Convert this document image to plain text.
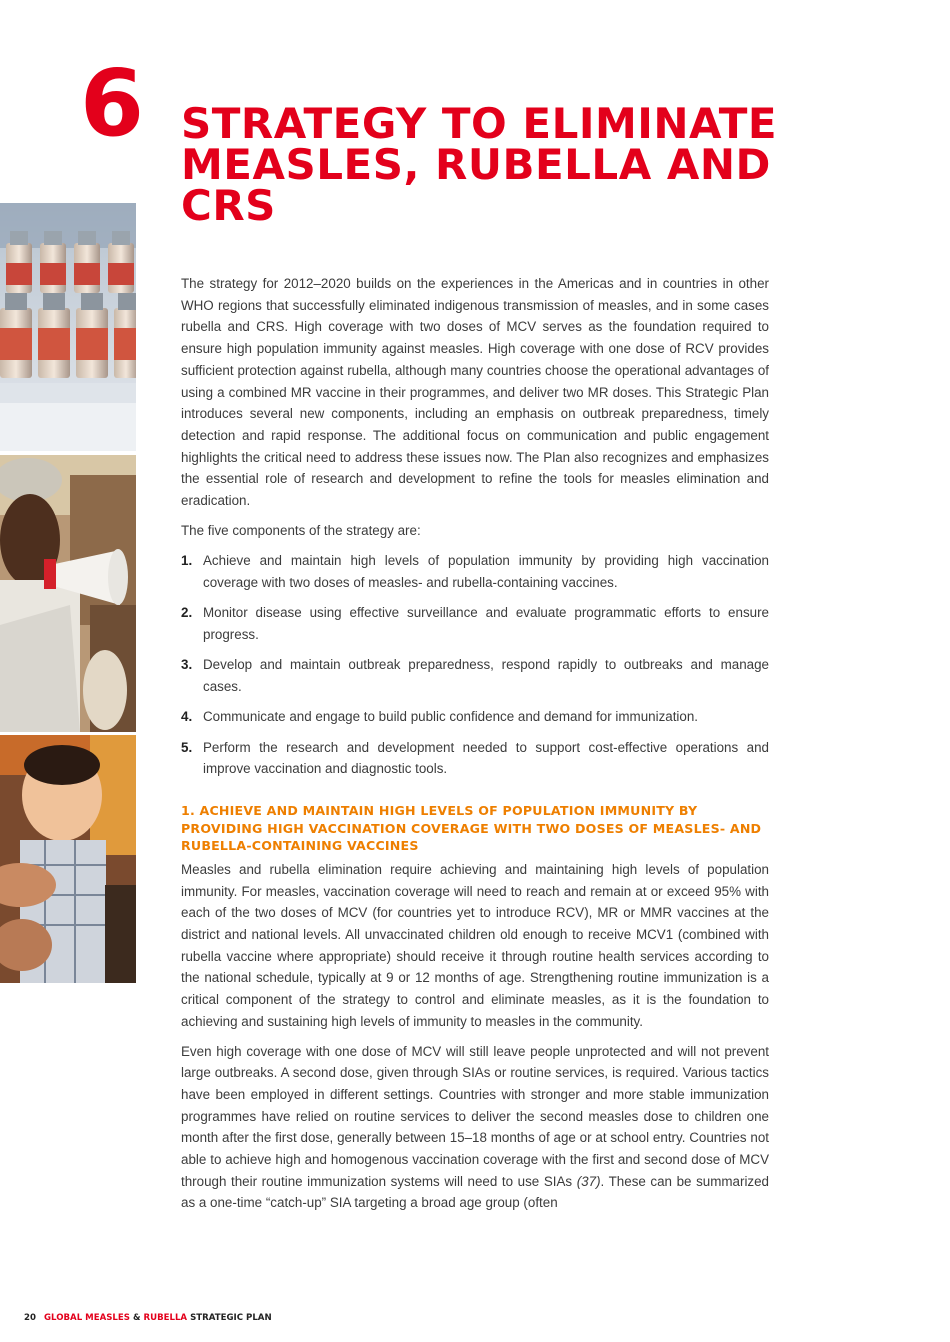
6 STRATEGY TO ELIMINATE MEASLES, RUBELLA AND CRS

The strategy for 2012–2020 builds on the experiences in the Americas and in countries in other WHO regions that successfully eliminated indigenous transmission of measles, and in some cases rubella and CRS. High coverage with two doses of MCV serves as the foundation required to ensure high population immunity against measles. High coverage with one dose of RCV provides sufficient protection against rubella, although many countries choose the operational advantages of using a combined MR vaccine in their programmes, and deliver two MR doses. This Strategic Plan introduces several new components, including an emphasis on outbreak preparedness, timely detection and rapid response. The additional focus on communication and public engagement highlights the critical need to address these issues now. The Plan also recognizes and emphasizes the essential role of research and development to refine the tools for measles elimination and eradication.

The five components of the strategy are:

1. Achieve and maintain high levels of population immunity by providing high vaccination coverage with two doses of measles- and rubella-containing vaccines.
2. Monitor disease using effective surveillance and evaluate programmatic efforts to ensure progress.
3. Develop and maintain outbreak preparedness, respond rapidly to outbreaks and manage cases.
4. Communicate and engage to build public confidence and demand for immunization.
5. Perform the research and development needed to support cost-effective operations and improve vaccination and diagnostic tools.
1. ACHIEVE AND MAINTAIN HIGH LEVELS OF POPULATION IMMUNITY BY PROVIDING HIGH VACCINATION COVERAGE WITH TWO DOSES OF MEASLES- AND RUBELLA-CONTAINING VACCINES

Measles and rubella elimination require achieving and maintaining high levels of population immunity. For measles, vaccination coverage will need to reach and remain at or exceed 95% with each of the two doses of MCV (for countries yet to introduce RCV), MR or MMR vaccines at the district and national levels. All unvaccinated children old enough to receive MCV1 (combined with rubella vaccine where appropriate) should receive it through routine health services according to the national schedule, typically at 9 or 12 months of age. Strengthening routine immunization is a critical component of the strategy to control and eliminate measles, as it is the foundation to achieving and sustaining high levels of immunity to measles in the community.

Even high coverage with one dose of MCV will still leave people unprotected and will not prevent large outbreaks. A second dose, given through SIAs or routine services, is required. Various tactics have been employed in different settings. Countries with stronger and more stable immunization programmes have relied on routine services to deliver the second measles dose to children one month after the first dose, generally between 15–18 months of age or at school entry. Countries not able to achieve high and homogenous vaccination coverage with the first and second dose of MCV through their routine immunization systems will need to use SIAs (37). These can be summarized as a one-time “catch-up” SIA targeting a broad age group (often

20 GLOBAL MEASLES & RUBELLA STRATEGIC PLAN
